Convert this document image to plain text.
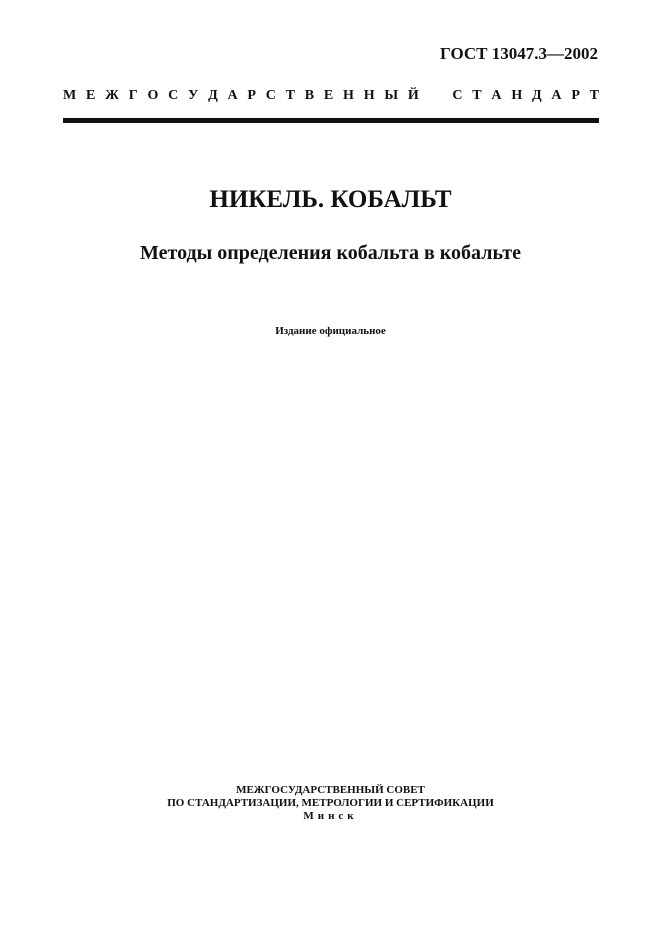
ГОСТ 13047.3—2002
М Е Ж Г О С У Д А Р С Т В Е Н Н Ы Й С Т А Н Д А Р Т
НИКЕЛЬ. КОБАЛЬТ
Методы определения кобальта в кобальте
Издание официальное
МЕЖГОСУДАРСТВЕННЫЙ СОВЕТ
ПО СТАНДАРТИЗАЦИИ, МЕТРОЛОГИИ И СЕРТИФИКАЦИИ
Минск
